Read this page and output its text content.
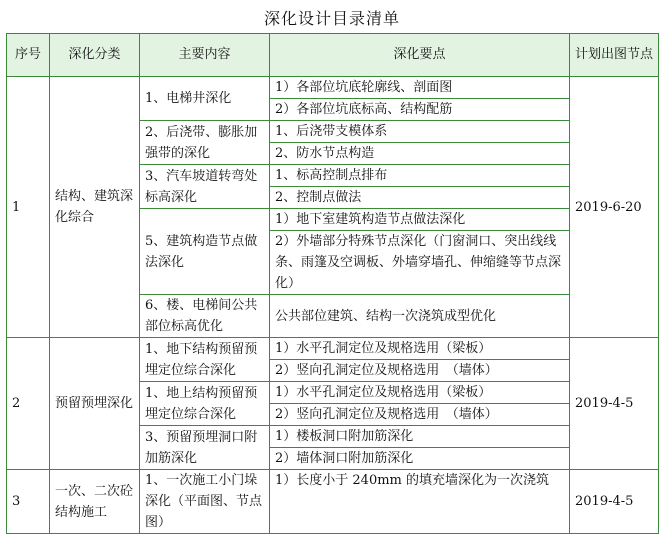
深化设计目录清单
序号	深化分类	主要内容	深化要点	计划出图节点
1	结构、建筑深化综合	1、电梯井深化	1）各部位坑底轮廓线、剖面图	2019-6-20
			2）各部位坑底标高、结构配筋	
		2、后浇带、膨胀加强带的深化	1、后浇带支模体系	
			2、防水节点构造	
		3、汽车坡道转弯处标高深化	1、标高控制点排布	
			2、控制点做法	
		5、建筑构造节点做法深化	1）地下室建筑构造节点做法深化	
			2）外墙部分特殊节点深化（门窗洞口、突出线线条、雨篷及空调板、外墙穿墙孔、伸缩缝等节点深化）	
		6、楼、电梯间公共部位标高优化	公共部位建筑、结构一次浇筑成型优化	

2	预留预埋深化	1、地下结构预留预埋定位综合深化	1）水平孔洞定位及规格选用（梁板）	2019-4-5
			2）竖向孔洞定位及规格选用　（墙体）	
		1、地上结构预留预埋定位综合深化	1）水平孔洞定位及规格选用（梁板）	
			2）竖向孔洞定位及规格选用　（墙体）	
		3、预留预埋洞口附加筋深化	1）楼板洞口附加筋深化	
			2）墙体洞口附加筋深化	
3	一次、二次砼结构施工	1、一次施工小门垛深化（平面图、节点图）	1）长度小于 240mm 的填充墙深化为一次浇筑	2019-4-5
